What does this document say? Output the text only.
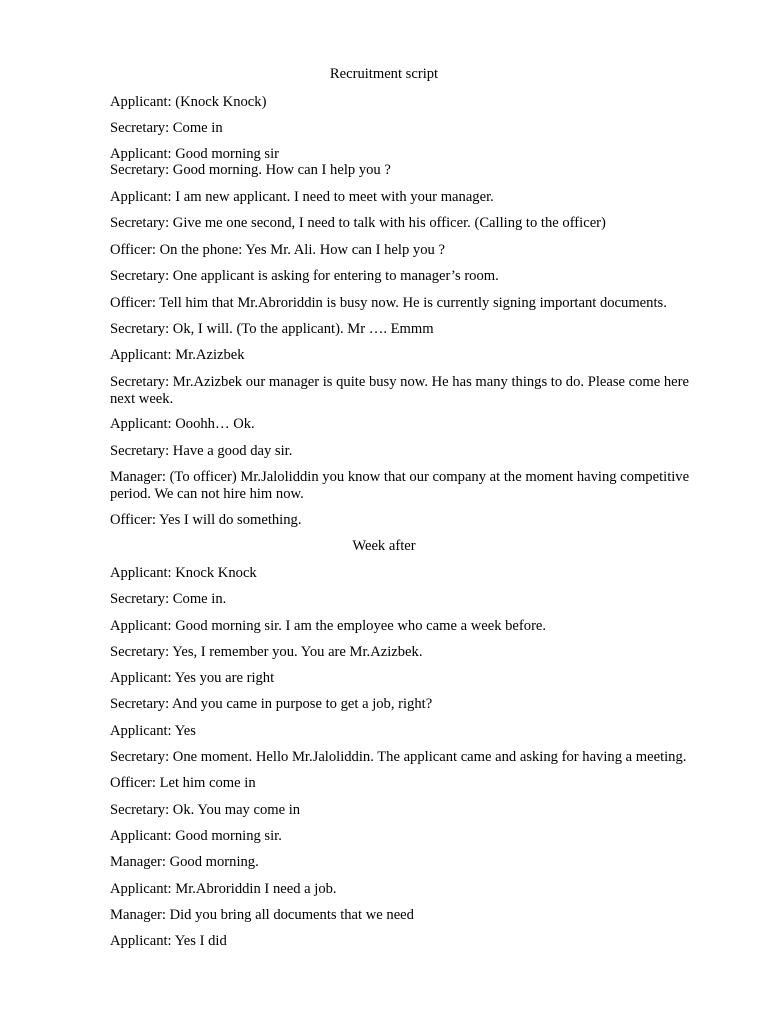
Recruitment script

Applicant: (Knock Knock)

Secretary: Come in

Applicant: Good morning sir

Secretary: Good morning. How can I help you ?

Applicant: I am new applicant. I need to meet with your manager.

Secretary: Give me one second, I need to talk with his officer. (Calling to the officer)

Officer: On the phone: Yes Mr. Ali. How can I help you ?

Secretary: One applicant is asking for entering to manager’s room.

Officer: Tell him that Mr.Abroriddin is busy now. He is currently signing important documents.

Secretary: Ok, I will. (To the applicant). Mr …. Emmm

Applicant: Mr.Azizbek

Secretary: Mr.Azizbek our manager is quite busy now. He has many things to do. Please come here next week.

Applicant: Ooohh… Ok.

Secretary: Have a good day sir.

Manager: (To officer) Mr.Jaloliddin you know that our company at the moment having competitive period. We can not hire him now.

Officer: Yes I will do something.

Week after

Applicant: Knock Knock

Secretary: Come in.

Applicant: Good morning sir. I am the employee who came a week before.

Secretary: Yes, I remember you. You are Mr.Azizbek.

Applicant: Yes you are right

Secretary: And you came in purpose to get a job, right?

Applicant: Yes

Secretary: One moment. Hello Mr.Jaloliddin. The applicant came and asking for having a meeting.

Officer: Let him come in

Secretary: Ok. You may come in

Applicant: Good morning sir.

Manager: Good morning.

Applicant: Mr.Abroriddin I need a job.

Manager: Did you bring all documents that we need

Applicant: Yes I did
